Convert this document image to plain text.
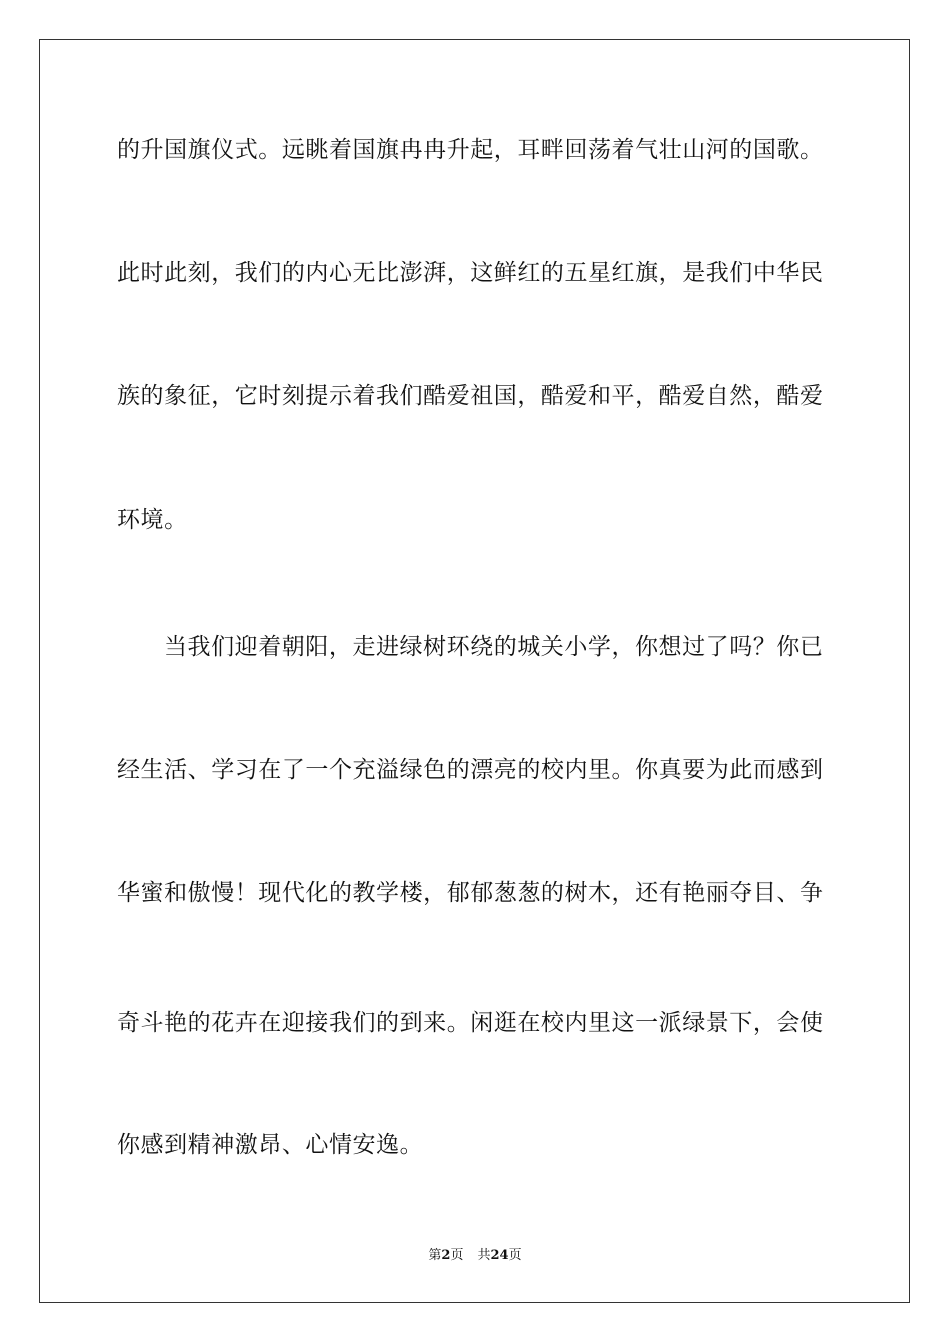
的升国旗仪式。远眺着国旗冉冉升起，耳畔回荡着气壮山河的国歌。
此时此刻，我们的内心无比澎湃，这鲜红的五星红旗，是我们中华民
族的象征，它时刻提示着我们酷爱祖国，酷爱和平，酷爱自然，酷爱
环境。
当我们迎着朝阳，走进绿树环绕的城关小学，你想过了吗？你已
经生活、学习在了一个充溢绿色的漂亮的校内里。你真要为此而感到
华蜜和傲慢！现代化的教学楼，郁郁葱葱的树木，还有艳丽夺目、争
奇斗艳的花卉在迎接我们的到来。闲逛在校内里这一派绿景下，会使
你感到精神激昂、心情安逸。
第2页 共24页
